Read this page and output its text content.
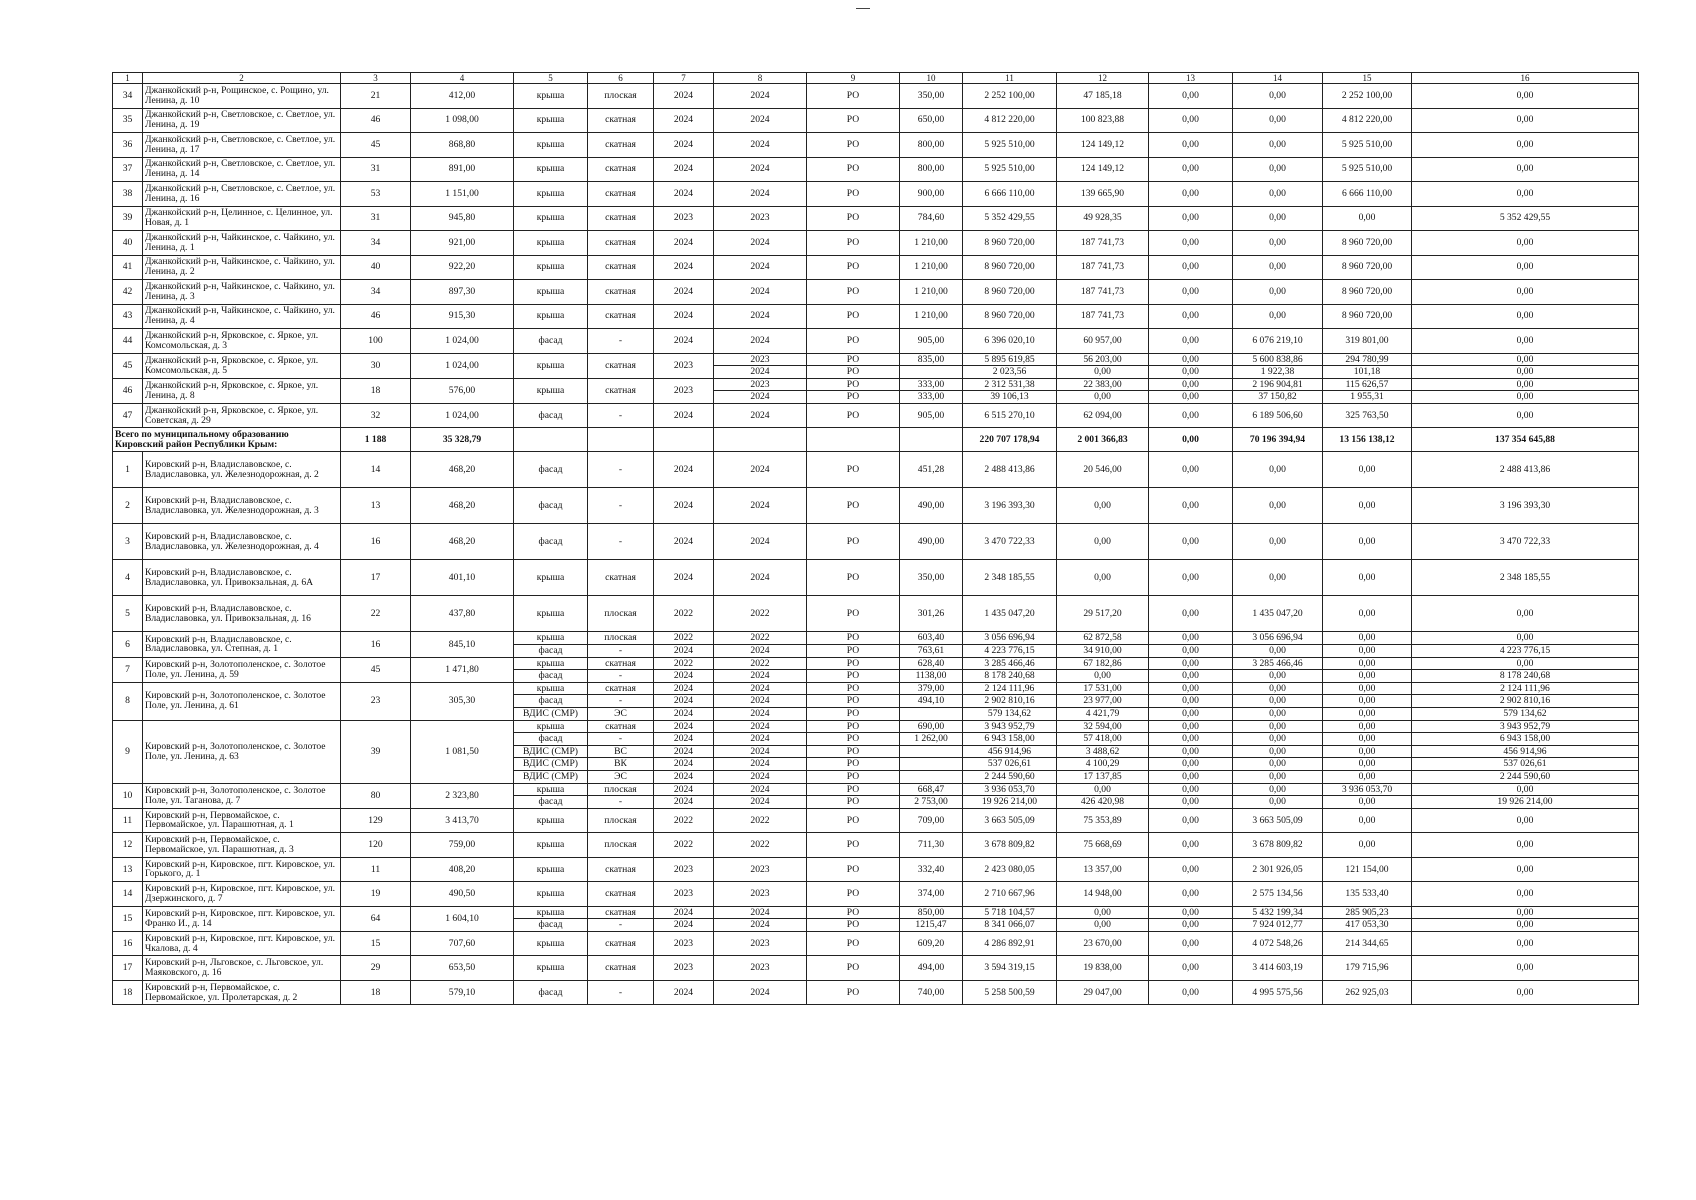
1	2	3	4	5	6	7	8	9	10	11	12	13	14	15	16
34	Джанкойский р-н, Рощинское, с. Рощино, ул. Ленина, д. 10	21	412,00	крыша	плоская	2024	2024	РО	350,00	2 252 100,00	47 185,18	0,00	0,00	2 252 100,00	0,00
35	Джанкойский р-н, Светловское, с. Светлое, ул. Ленина, д. 19	46	1 098,00	крыша	скатная	2024	2024	РО	650,00	4 812 220,00	100 823,88	0,00	0,00	4 812 220,00	0,00
36	Джанкойский р-н, Светловское, с. Светлое, ул. Ленина, д. 17	45	868,80	крыша	скатная	2024	2024	РО	800,00	5 925 510,00	124 149,12	0,00	0,00	5 925 510,00	0,00
37	Джанкойский р-н, Светловское, с. Светлое, ул. Ленина, д. 14	31	891,00	крыша	скатная	2024	2024	РО	800,00	5 925 510,00	124 149,12	0,00	0,00	5 925 510,00	0,00
38	Джанкойский р-н, Светловское, с. Светлое, ул. Ленина, д. 16	53	1 151,00	крыша	скатная	2024	2024	РО	900,00	6 666 110,00	139 665,90	0,00	0,00	6 666 110,00	0,00
39	Джанкойский р-н, Целинное, с. Целинное, ул. Новая, д. 1	31	945,80	крыша	скатная	2023	2023	РО	784,60	5 352 429,55	49 928,35	0,00	0,00	0,00	5 352 429,55
40	Джанкойский р-н, Чайкинское, с. Чайкино, ул. Ленина, д. 1	34	921,00	крыша	скатная	2024	2024	РО	1 210,00	8 960 720,00	187 741,73	0,00	0,00	8 960 720,00	0,00
41	Джанкойский р-н, Чайкинское, с. Чайкино, ул. Ленина, д. 2	40	922,20	крыша	скатная	2024	2024	РО	1 210,00	8 960 720,00	187 741,73	0,00	0,00	8 960 720,00	0,00
42	Джанкойский р-н, Чайкинское, с. Чайкино, ул. Ленина, д. 3	34	897,30	крыша	скатная	2024	2024	РО	1 210,00	8 960 720,00	187 741,73	0,00	0,00	8 960 720,00	0,00
43	Джанкойский р-н, Чайкинское, с. Чайкино, ул. Ленина, д. 4	46	915,30	крыша	скатная	2024	2024	РО	1 210,00	8 960 720,00	187 741,73	0,00	0,00	8 960 720,00	0,00
44	Джанкойский р-н, Ярковское, с. Яркое, ул. Комсомольская, д. 3	100	1 024,00	фасад	-	2024	2024	РО	905,00	6 396 020,10	60 957,00	0,00	6 076 219,10	319 801,00	0,00
45	Джанкойский р-н, Ярковское, с. Яркое, ул. Комсомольская, д. 5	30	1 024,00	крыша	скатная	2023	2023	РО	835,00	5 895 619,85	56 203,00	0,00	5 600 838,86	294 780,99	0,00
							2024	РО		2 023,56	0,00	0,00	1 922,38	101,18	0,00
46	Джанкойский р-н, Ярковское, с. Яркое, ул. Ленина, д. 8	18	576,00	крыша	скатная	2023	2023	РО	333,00	2 312 531,38	22 383,00	0,00	2 196 904,81	115 626,57	0,00
							2024	РО	333,00	39 106,13	0,00	0,00	37 150,82	1 955,31	0,00
47	Джанкойский р-н, Ярковское, с. Яркое, ул. Советская, д. 29	32	1 024,00	фасад	-	2024	2024	РО	905,00	6 515 270,10	62 094,00	0,00	6 189 506,60	325 763,50	0,00
Всего по муниципальному образованию Кировский район Республики Крым:		1 188	35 328,79							220 707 178,94	2 001 366,83	0,00	70 196 394,94	13 156 138,12	137 354 645,88
1	Кировский р-н, Владиславовское, с. Владиславовка, ул. Железнодорожная, д. 2	14	468,20	фасад	-	2024	2024	РО	451,28	2 488 413,86	20 546,00	0,00	0,00	0,00	2 488 413,86
2	Кировский р-н, Владиславовское, с. Владиславовка, ул. Железнодорожная, д. 3	13	468,20	фасад	-	2024	2024	РО	490,00	3 196 393,30	0,00	0,00	0,00	0,00	3 196 393,30
3	Кировский р-н, Владиславовское, с. Владиславовка, ул. Железнодорожная, д. 4	16	468,20	фасад	-	2024	2024	РО	490,00	3 470 722,33	0,00	0,00	0,00	0,00	3 470 722,33
4	Кировский р-н, Владиславовское, с. Владиславовка, ул. Привокзальная, д. 6А	17	401,10	крыша	скатная	2024	2024	РО	350,00	2 348 185,55	0,00	0,00	0,00	0,00	2 348 185,55
5	Кировский р-н, Владиславовское, с. Владиславовка, ул. Привокзальная, д. 16	22	437,80	крыша	плоская	2022	2022	РО	301,26	1 435 047,20	29 517,20	0,00	1 435 047,20	0,00	0,00
6	Кировский р-н, Владиславовское, с. Владиславовка, ул. Степная, д. 1	16	845,10	крыша	плоская	2022	2022	РО	603,40	3 056 696,94	62 872,58	0,00	3 056 696,94	0,00	0,00
				фасад	-	2024	2024	РО	763,61	4 223 776,15	34 910,00	0,00	0,00	0,00	4 223 776,15
7	Кировский р-н, Золотополенское, с. Золотое Поле, ул. Ленина, д. 59	45	1 471,80	крыша	скатная	2022	2022	РО	628,40	3 285 466,46	67 182,86	0,00	3 285 466,46	0,00	0,00
				фасад	-	2024	2024	РО	1138,00	8 178 240,68	0,00	0,00	0,00	0,00	8 178 240,68
8	Кировский р-н, Золотополенское, с. Золотое Поле, ул. Ленина, д. 61	23	305,30	крыша	скатная	2024	2024	РО	379,00	2 124 111,96	17 531,00	0,00	0,00	0,00	2 124 111,96
				фасад	-	2024	2024	РО	494,10	2 902 810,16	23 977,00	0,00	0,00	0,00	2 902 810,16
				ВДИС (СМР)	ЭС	2024	2024	РО		579 134,62	4 421,79	0,00	0,00	0,00	579 134,62
9	Кировский р-н, Золотополенское, с. Золотое Поле, ул. Ленина, д. 63	39	1 081,50	крыша	скатная	2024	2024	РО	690,00	3 943 952,79	32 594,00	0,00	0,00	0,00	3 943 952,79
				фасад	-	2024	2024	РО	1 262,00	6 943 158,00	57 418,00	0,00	0,00	0,00	6 943 158,00
				ВДИС (СМР)	ВС	2024	2024	РО		456 914,96	3 488,62	0,00	0,00	0,00	456 914,96
				ВДИС (СМР)	ВК	2024	2024	РО		537 026,61	4 100,29	0,00	0,00	0,00	537 026,61
				ВДИС (СМР)	ЭС	2024	2024	РО		2 244 590,60	17 137,85	0,00	0,00	0,00	2 244 590,60
10	Кировский р-н, Золотополенское, с. Золотое Поле, ул. Таганова, д. 7	80	2 323,80	крыша	плоская	2024	2024	РО	668,47	3 936 053,70	0,00	0,00	0,00	3 936 053,70	0,00
				фасад	-	2024	2024	РО	2 753,00	19 926 214,00	426 420,98	0,00	0,00	0,00	19 926 214,00
11	Кировский р-н, Первомайское, с. Первомайское, ул. Парашютная, д. 1	129	3 413,70	крыша	плоская	2022	2022	РО	709,00	3 663 505,09	75 353,89	0,00	3 663 505,09	0,00	0,00
12	Кировский р-н, Первомайское, с. Первомайское, ул. Парашютная, д. 3	120	759,00	крыша	плоская	2022	2022	РО	711,30	3 678 809,82	75 668,69	0,00	3 678 809,82	0,00	0,00
13	Кировский р-н, Кировское, пгт. Кировское, ул. Горького, д. 1	11	408,20	крыша	скатная	2023	2023	РО	332,40	2 423 080,05	13 357,00	0,00	2 301 926,05	121 154,00	0,00
14	Кировский р-н, Кировское, пгт. Кировское, ул. Дзержинского, д. 7	19	490,50	крыша	скатная	2023	2023	РО	374,00	2 710 667,96	14 948,00	0,00	2 575 134,56	135 533,40	0,00
15	Кировский р-н, Кировское, пгт. Кировское, ул. Франко И., д. 14	64	1 604,10	крыша	скатная	2024	2024	РО	850,00	5 718 104,57	0,00	0,00	5 432 199,34	285 905,23	0,00
				фасад	-	2024	2024	РО	1215,47	8 341 066,07	0,00	0,00	7 924 012,77	417 053,30	0,00
16	Кировский р-н, Кировское, пгт. Кировское, ул. Чкалова, д. 4	15	707,60	крыша	скатная	2023	2023	РО	609,20	4 286 892,91	23 670,00	0,00	4 072 548,26	214 344,65	0,00
17	Кировский р-н, Льговское, с. Льговское, ул. Маяковского, д. 16	29	653,50	крыша	скатная	2023	2023	РО	494,00	3 594 319,15	19 838,00	0,00	3 414 603,19	179 715,96	0,00
18	Кировский р-н, Первомайское, с. Первомайское, ул. Пролетарская, д. 2	18	579,10	фасад	-	2024	2024	РО	740,00	5 258 500,59	29 047,00	0,00	4 995 575,56	262 925,03	0,00
